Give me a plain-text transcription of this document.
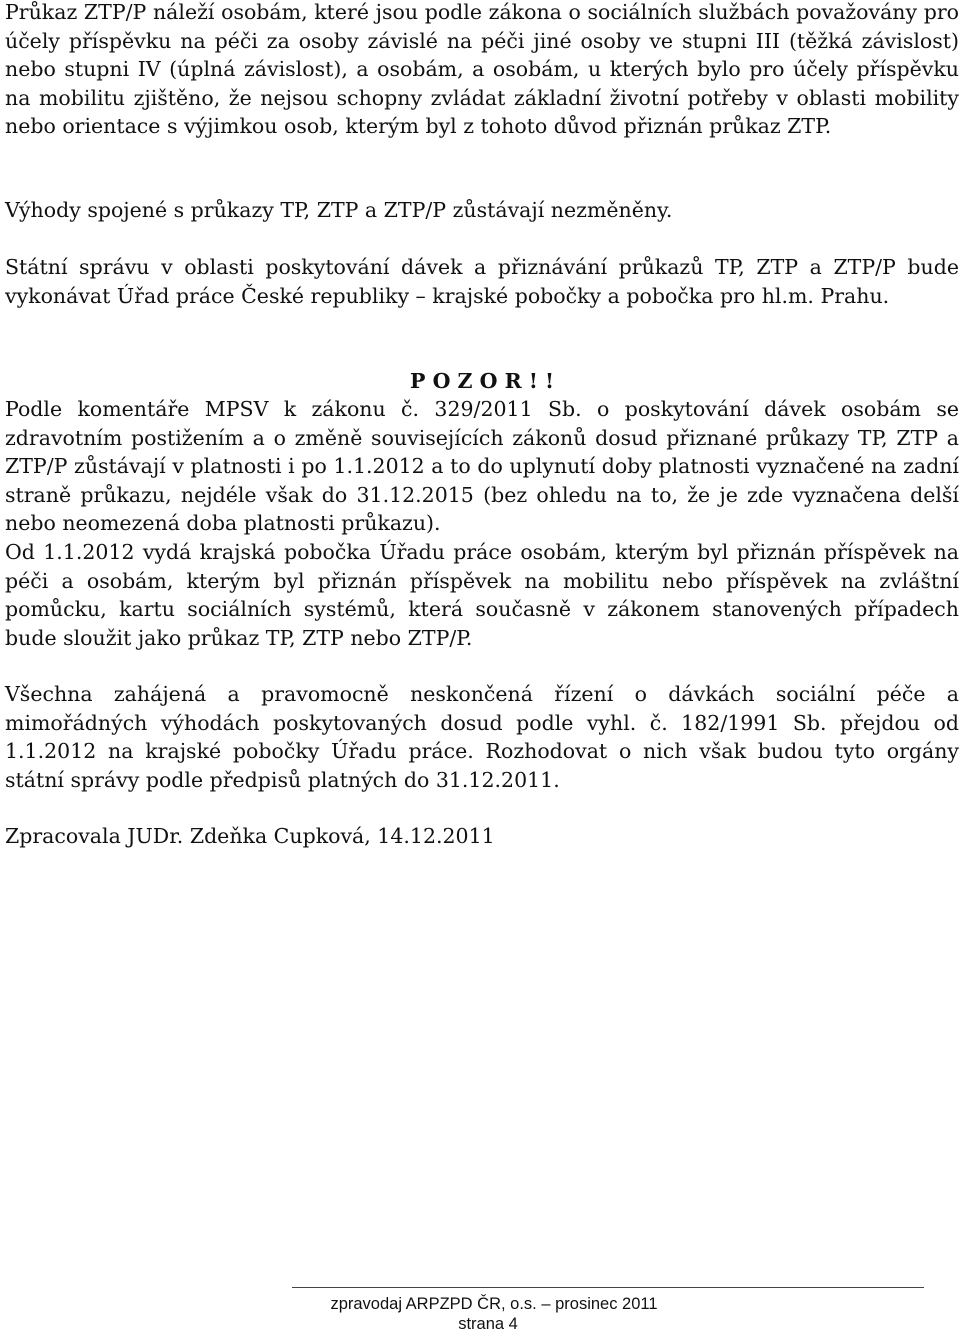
Průkaz ZTP/P náleží osobám, které jsou podle zákona o sociálních službách považovány pro účely příspěvku na péči za osoby závislé na péči jiné osoby ve stupni III (těžká závislost) nebo stupni IV (úplná závislost), a osobám, a osobám, u kterých bylo pro účely příspěvku na mobilitu zjištěno, že nejsou schopny zvládat základní životní potřeby v oblasti mobility nebo orientace s výjimkou osob, kterým byl z tohoto důvod přiznán průkaz ZTP.

Výhody spojené s průkazy TP, ZTP a ZTP/P zůstávají nezměněny.

Státní správu v oblasti poskytování dávek a přiznávání průkazů TP, ZTP a ZTP/P bude vykonávat Úřad práce České republiky – krajské pobočky a pobočka pro hl.m. Prahu.

P O Z O R ! !

Podle komentáře MPSV k zákonu č. 329/2011 Sb. o poskytování dávek osobám se zdravotním postižením a o změně souvisejících zákonů dosud přiznané průkazy TP, ZTP a ZTP/P zůstávají v platnosti i po 1.1.2012 a to do uplynutí doby platnosti vyznačené na zadní straně průkazu, nejdéle však do 31.12.2015 (bez ohledu na to, že je zde vyznačena delší nebo neomezená doba platnosti průkazu).

Od 1.1.2012 vydá krajská pobočka Úřadu práce osobám, kterým byl přiznán příspěvek na péči a osobám, kterým byl přiznán příspěvek na mobilitu nebo příspěvek na zvláštní pomůcku, kartu sociálních systémů, která současně v zákonem stanovených případech bude sloužit jako průkaz TP, ZTP nebo ZTP/P.

Všechna zahájená a pravomocně neskončená řízení o dávkách sociální péče a mimořádných výhodách poskytovaných dosud podle vyhl. č. 182/1991 Sb. přejdou od 1.1.2012 na krajské pobočky Úřadu práce. Rozhodovat o nich však budou tyto orgány státní správy podle předpisů platných do 31.12.2011.

Zpracovala JUDr. Zdeňka Cupková, 14.12.2011

zpravodaj ARPZPD ČR, o.s. – prosinec 2011
strana 4
